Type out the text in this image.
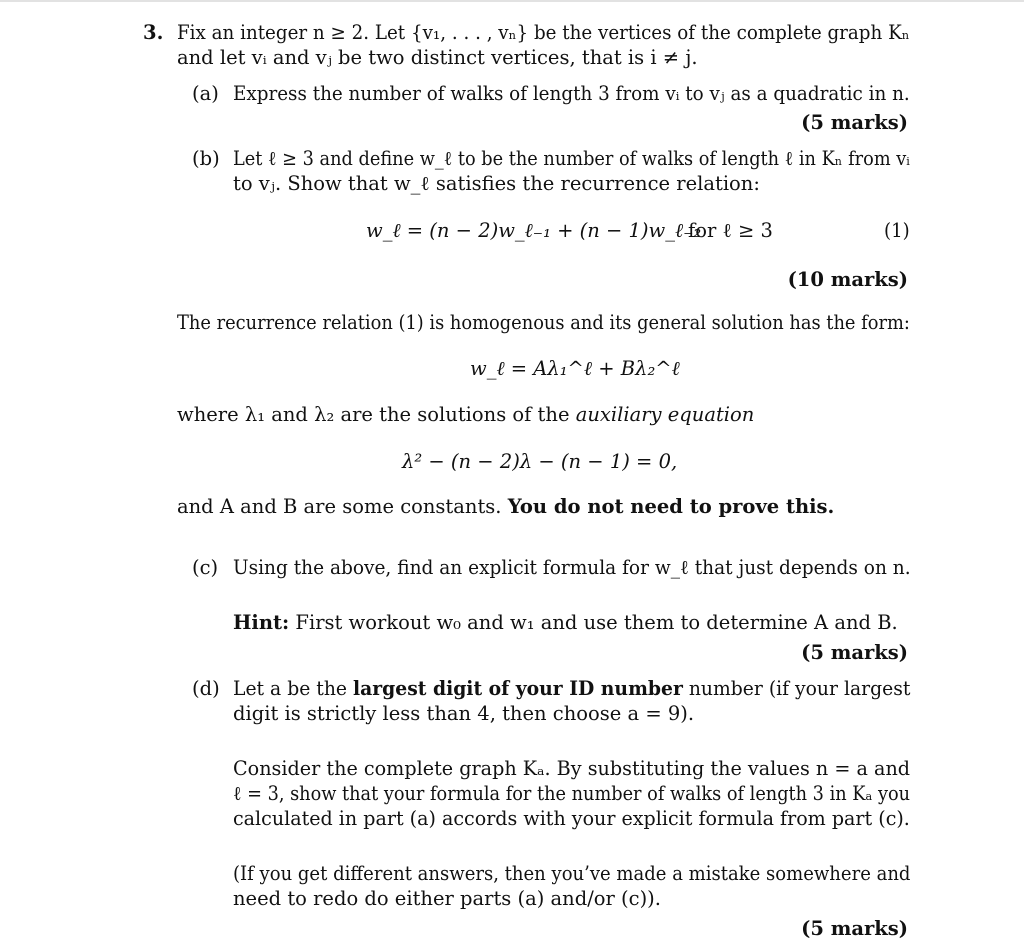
3. Fix an integer n ≥ 2. Let {v₁, . . . , vₙ} be the vertices of the complete graph Kₙ
and let vᵢ and vⱼ be two distinct vertices, that is i ≠ j.
(a) Express the number of walks of length 3 from vᵢ to vⱼ as a quadratic in n.
(5 marks)
(b) Let ℓ ≥ 3 and define w_ℓ to be the number of walks of length ℓ in Kₙ from vᵢ
to vⱼ. Show that w_ℓ satisfies the recurrence relation:
w_ℓ = (n − 2)w_ℓ₋₁ + (n − 1)w_ℓ₋₂
for ℓ ≥ 3	(1)
(10 marks)
The recurrence relation (1) is homogenous and its general solution has the form:
w_ℓ = Aλ₁^ℓ + Bλ₂^ℓ
where λ₁ and λ₂ are the solutions of the auxiliary equation
λ² − (n − 2)λ − (n − 1) = 0,
and A and B are some constants. You do not need to prove this.
(c) Using the above, find an explicit formula for w_ℓ that just depends on n.
Hint: First workout w₀ and w₁ and use them to determine A and B.
(5 marks)
(d) Let a be the largest digit of your ID number number (if your largest
digit is strictly less than 4, then choose a = 9).
Consider the complete graph Kₐ. By substituting the values n = a and
ℓ = 3, show that your formula for the number of walks of length 3 in Kₐ you
calculated in part (a) accords with your explicit formula from part (c).
(If you get different answers, then you’ve made a mistake somewhere and
need to redo do either parts (a) and/or (c)).
(5 marks)
